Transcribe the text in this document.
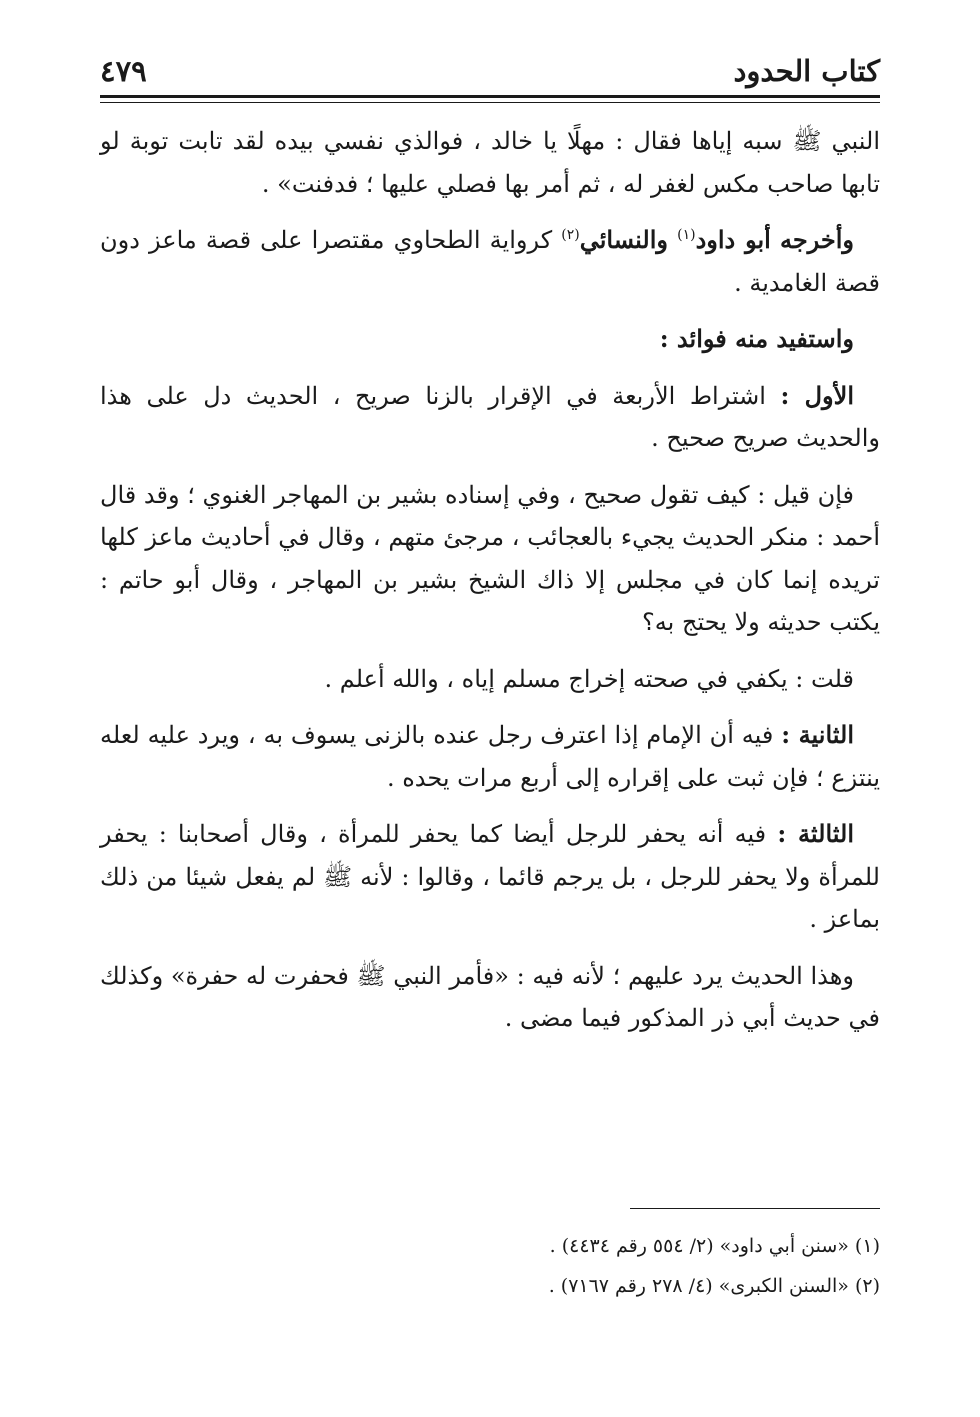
كتاب الحدود
٤٧٩

النبي ﷺ سبه إياها فقال : مهلًا يا خالد ، فوالذي نفسي بيده لقد تابت توبة لو تابها صاحب مكس لغفر له ، ثم أمر بها فصلي عليها ؛ فدفنت» .

وأخرجه أبو داود$^{(١)}$ والنسائي$^{(٢)}$ كرواية الطحاوي مقتصرا على قصة ماعز دون قصة الغامدية .

واستفيد منه فوائد :

الأول : اشتراط الأربعة في الإقرار بالزنا صريح ، الحديث دل على هذا والحديث صريح صحيح .

فإن قيل : كيف تقول صحيح ، وفي إسناده بشير بن المهاجر الغنوي ؛ وقد قال أحمد : منكر الحديث يجيء بالعجائب ، مرجئ متهم ، وقال في أحاديث ماعز كلها تريده إنما كان في مجلس إلا ذاك الشيخ بشير بن المهاجر ، وقال أبو حاتم : يكتب حديثه ولا يحتج به؟

قلت : يكفي في صحته إخراج مسلم إياه ، والله أعلم .

الثانية : فيه أن الإمام إذا اعترف رجل عنده بالزنى يسوف به ، ويرد عليه لعله ينتزع ؛ فإن ثبت على إقراره إلى أربع مرات يحده .

الثالثة : فيه أنه يحفر للرجل أيضا كما يحفر للمرأة ، وقال أصحابنا : يحفر للمرأة ولا يحفر للرجل ، بل يرجم قائما ، وقالوا : لأنه ﷺ لم يفعل شيئا من ذلك بماعز .

وهذا الحديث يرد عليهم ؛ لأنه فيه : «فأمر النبي ﷺ فحفرت له حفرة» وكذلك في حديث أبي ذر المذكور فيما مضى .

(١) «سنن أبي داود» (٢/ ٥٥٤ رقم ٤٤٣٤) .

(٢) «السنن الكبرى» (٤/ ٢٧٨ رقم ٧١٦٧) .
